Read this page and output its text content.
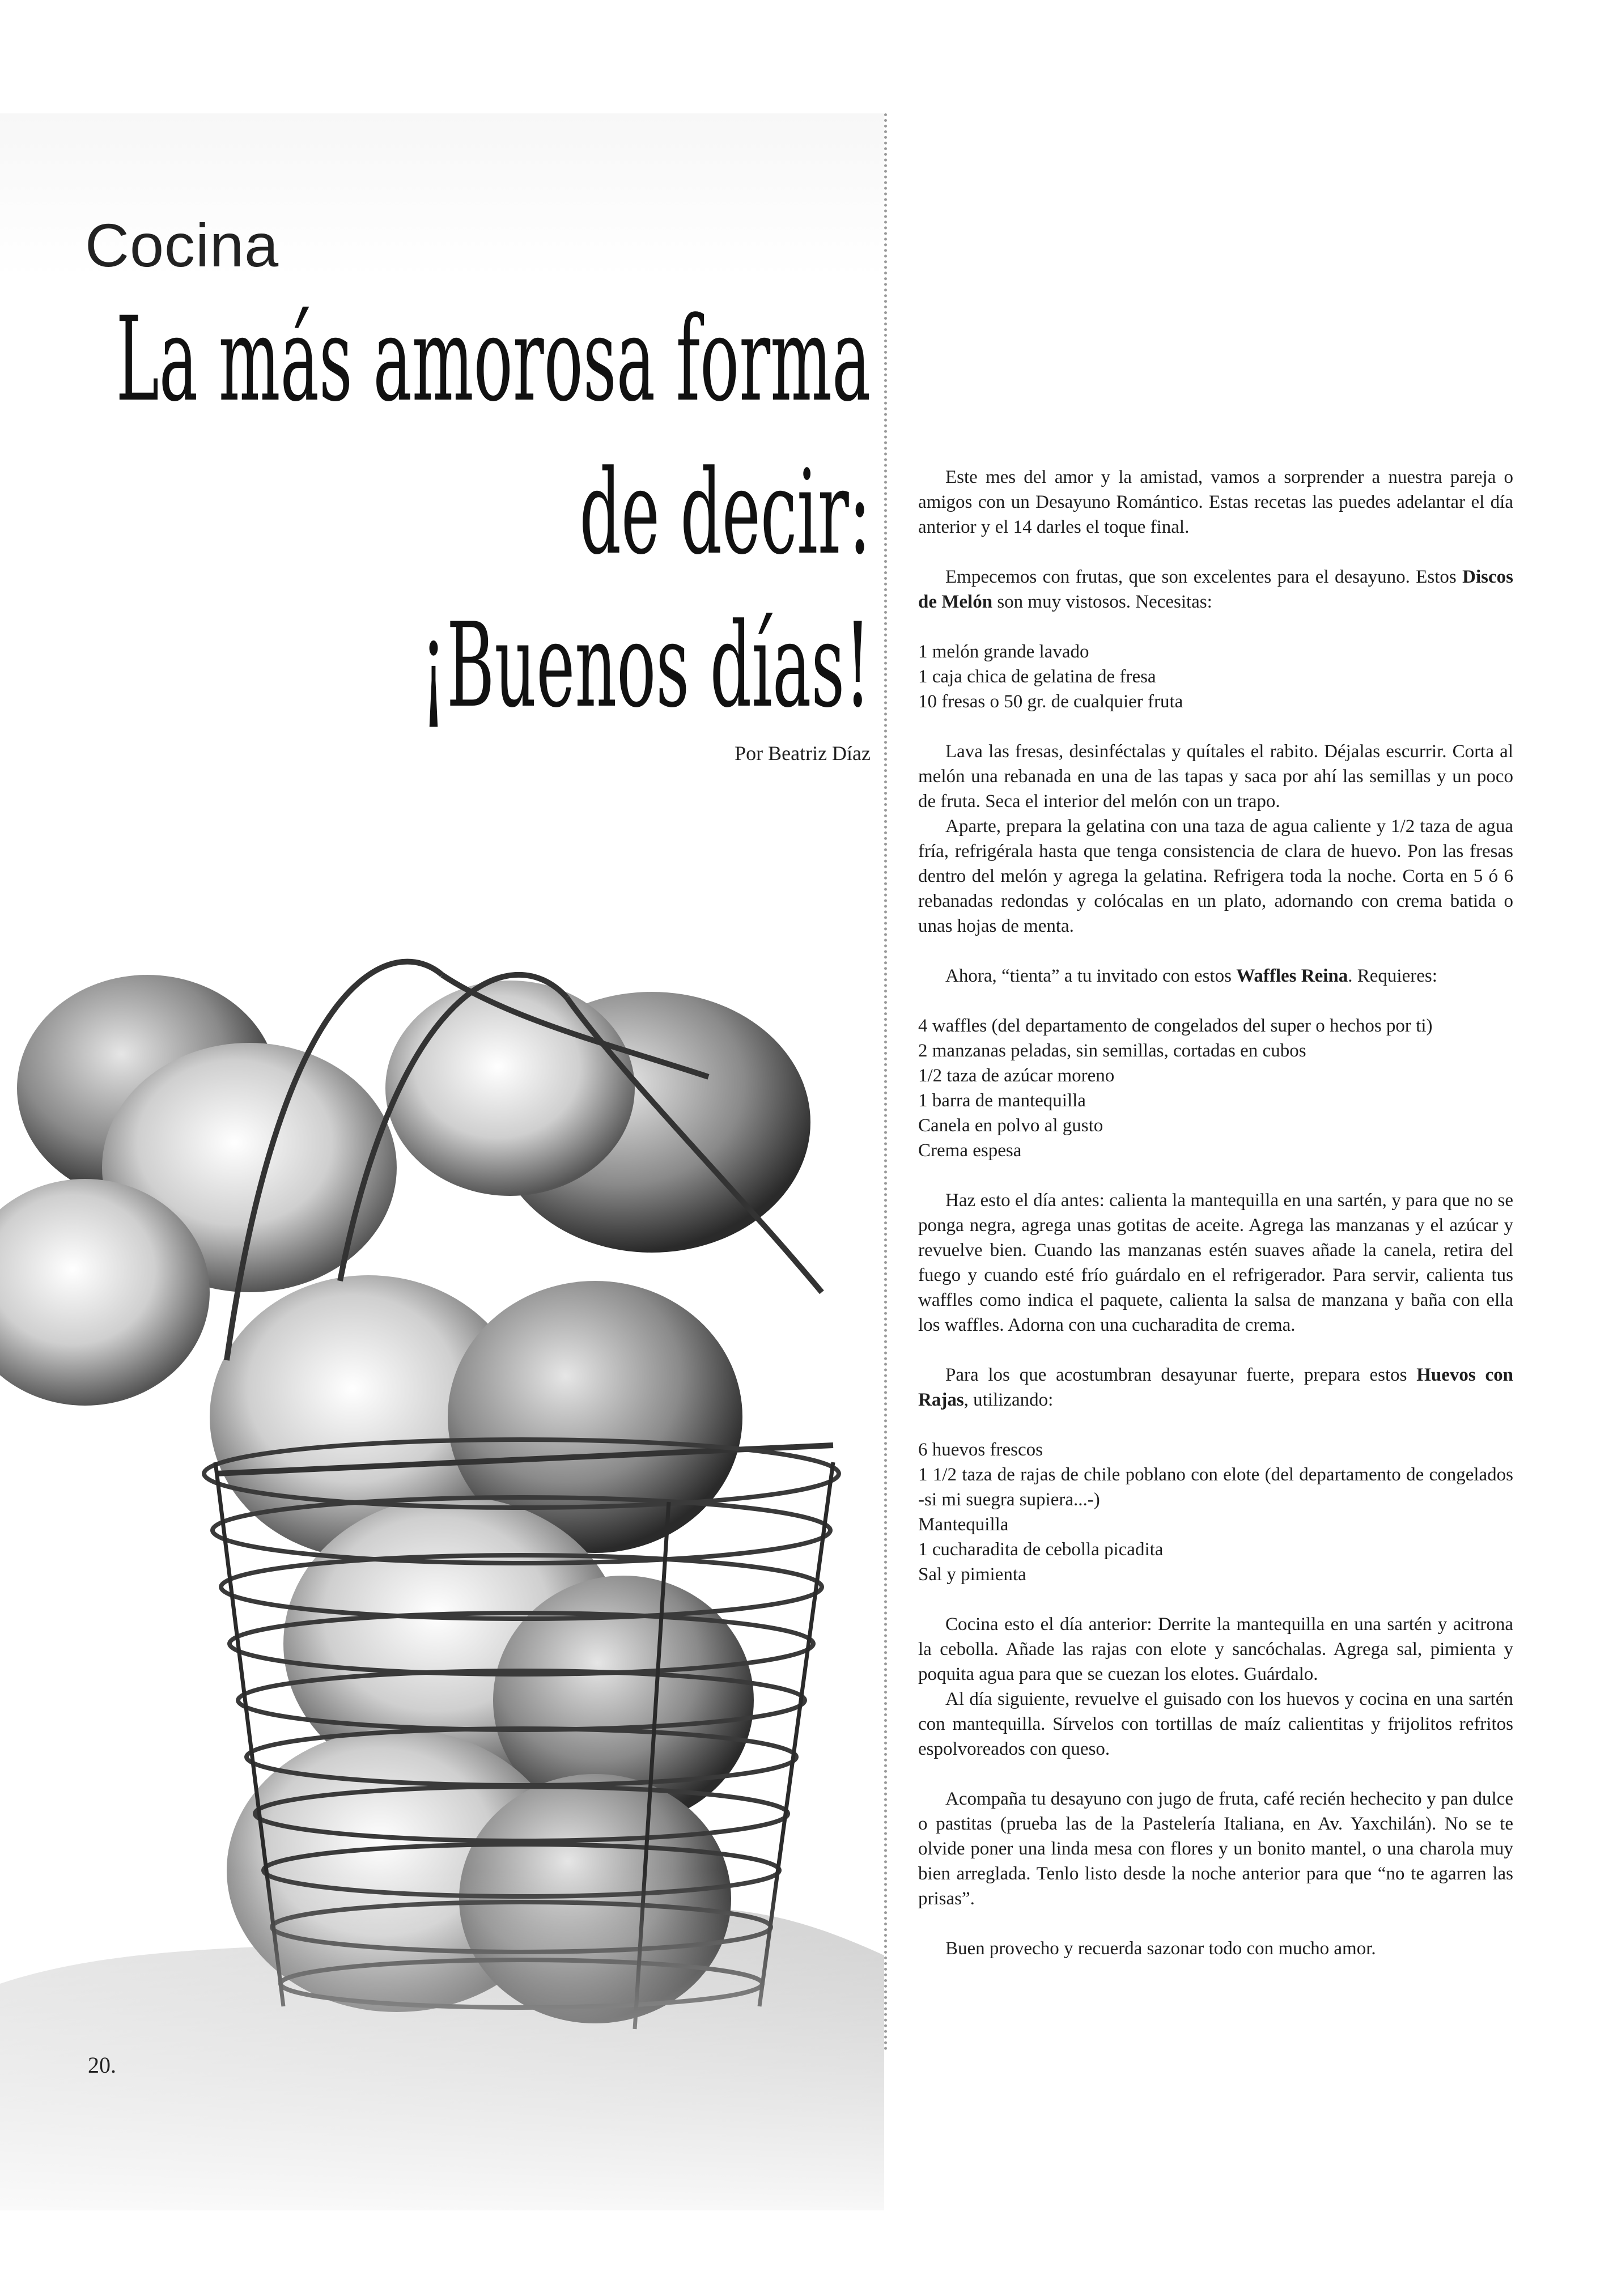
Cocina
La más amorosa forma
de decir:
¡Buenos días!
Por Beatriz Díaz

Este mes del amor y la amistad, vamos a sorprender a nuestra pareja o amigos con un Desayuno Romántico. Estas recetas las puedes adelantar el día anterior y el 14 darles el toque final.

Empecemos con frutas, que son excelentes para el desayuno. Estos Discos de Melón son muy vistosos. Necesitas:

1 melón grande lavado
1 caja chica de gelatina de fresa
10 fresas o 50 gr. de cualquier fruta

Lava las fresas, desinféctalas y quítales el rabito. Déjalas escurrir. Corta al melón una rebanada en una de las tapas y saca por ahí las semillas y un poco de fruta. Seca el interior del melón con un trapo.

Aparte, prepara la gelatina con una taza de agua caliente y 1/2 taza de agua fría, refrigérala hasta que tenga consistencia de clara de huevo. Pon las fresas dentro del melón y agrega la gelatina. Refrigera toda la noche. Corta en 5 ó 6 rebanadas redondas y colócalas en un plato, adornando con crema batida o unas hojas de menta.

Ahora, “tienta” a tu invitado con estos Waffles Reina. Requieres:

4 waffles (del departamento de congelados del super o hechos por ti)
2 manzanas peladas, sin semillas, cortadas en cubos
1/2 taza de azúcar moreno
1 barra de mantequilla
Canela en polvo al gusto
Crema espesa

Haz esto el día antes: calienta la mantequilla en una sartén, y para que no se ponga negra, agrega unas gotitas de aceite. Agrega las manzanas y el azúcar y revuelve bien. Cuando las manzanas estén suaves añade la canela, retira del fuego y cuando esté frío guárdalo en el refrigerador. Para servir, calienta tus waffles como indica el paquete, calienta la salsa de manzana y baña con ella los waffles. Adorna con una cucharadita de crema.

Para los que acostumbran desayunar fuerte, prepara estos Huevos con Rajas, utilizando:

6 huevos frescos
1 1/2 taza de rajas de chile poblano con elote (del departamento de congelados -si mi suegra supiera...-)
Mantequilla
1 cucharadita de cebolla picadita
Sal y pimienta

Cocina esto el día anterior: Derrite la mantequilla en una sartén y acitrona la cebolla. Añade las rajas con elote y sancóchalas. Agrega sal, pimienta y poquita agua para que se cuezan los elotes. Guárdalo.

Al día siguiente, revuelve el guisado con los huevos y cocina en una sartén con mantequilla. Sírvelos con tortillas de maíz calientitas y frijolitos refritos espolvoreados con queso.

Acompaña tu desayuno con jugo de fruta, café recién hechecito y pan dulce o pastitas (prueba las de la Pastelería Italiana, en Av. Yaxchilán). No se te olvide poner una linda mesa con flores y un bonito mantel, o una charola muy bien arreglada. Tenlo listo desde la noche anterior para que “no te agarren las prisas”.

Buen provecho y recuerda sazonar todo con mucho amor.

20.
